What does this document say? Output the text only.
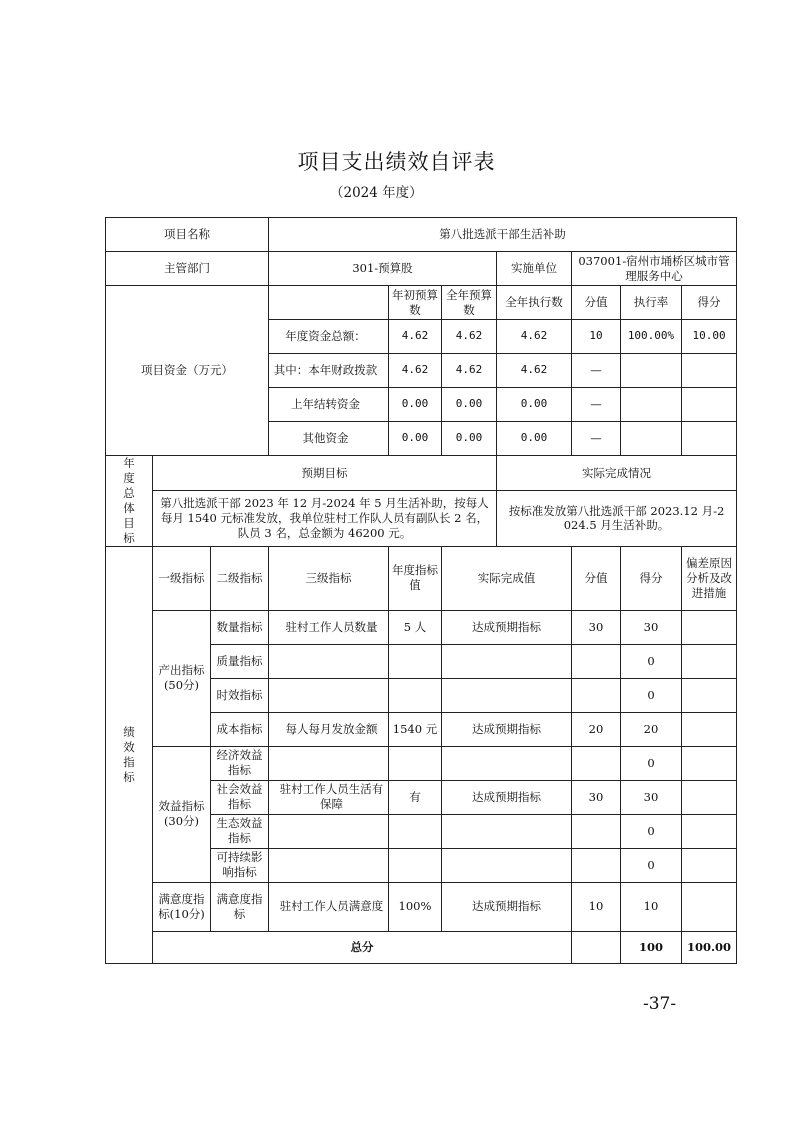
项目支出绩效自评表
（2024 年度）
项目名称			第八批选派干部生活补助							
主管部门			301-预算股			实施单位	037001-宿州市埇桥区城市管理服务中心			
项目资金（万元）				年初预算数	全年预算数	全年执行数	分值	执行率	得分	
			年度资金总额：	4.62	4.62	4.62	10	100.00%	10.00	
			其中：本年财政拨款	4.62	4.62	4.62	—			
			上年结转资金	0.00	0.00	0.00	—			
			其他资金	0.00	0.00	0.00	—			
年度总体目标	预期目标					实际完成情况				
	第八批选派干部 2023 年 12 月-2024 年 5 月生活补助，按每人每月 1540 元标准发放，我单位驻村工作队人员有副队长 2 名，队员 3 名，总金额为 46200 元。					按标准发放第八批选派干部 2023.12 月-2024.5 月生活补助。				
绩效指标	一级指标	二级指标	三级指标	年度指标值	实际完成值		分值	得分	偏差原因分析及改进措施	
	产出指标(50分)	数量指标	驻村工作人员数量	5 人	达成预期指标		30	30		
		质量指标						0		
		时效指标						0		
		成本指标	每人每月发放金额	1540 元	达成预期指标		20	20		
	效益指标(30分)	经济效益指标						0		
		社会效益指标	驻村工作人员生活有保障	有	达成预期指标		30	30		
		生态效益指标						0		
		可持续影响指标						0		
	满意度指标(10分)	满意度指标	驻村工作人员满意度	100%	达成预期指标		10	10		
	总分							100	100.00	
-37-
